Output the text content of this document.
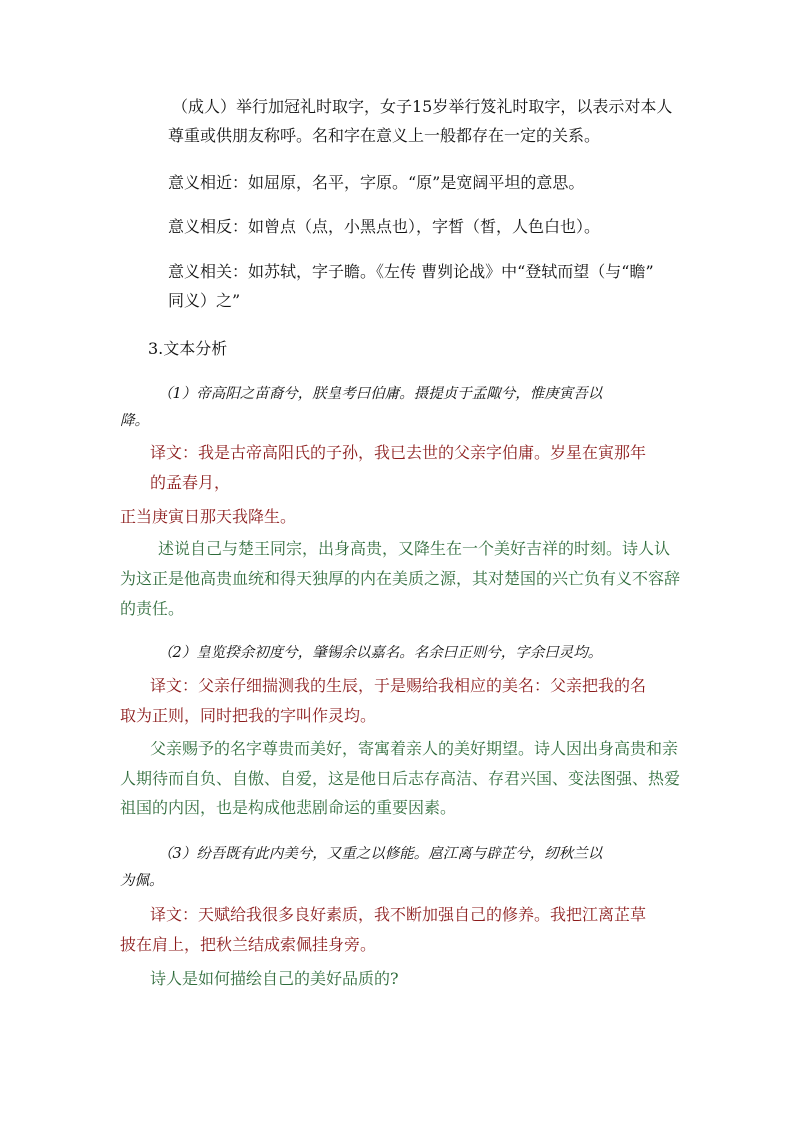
（成人）举行加冠礼时取字，女子15岁举行笈礼时取字，以表示对本人
尊重或供朋友称呼。名和字在意义上一般都存在一定的关系。
意义相近：如屈原，名平，字原。“原”是宽阔平坦的意思。
意义相反：如曾点（点，小黑点也），字皙（皙，人色白也）。
意义相关：如苏轼，字子瞻。《左传 曹刿论战》中“登轼而望（与“瞻”
同义）之”
3.文本分析
（1）帝高阳之苗裔兮，朕皇考曰伯庸。摄提贞于孟陬兮，惟庚寅吾以
降。
译文：我是古帝高阳氏的子孙，我已去世的父亲字伯庸。岁星在寅那年
的孟春月，
正当庚寅日那天我降生。
述说自己与楚王同宗，出身高贵，又降生在一个美好吉祥的时刻。诗人认
为这正是他高贵血统和得天独厚的内在美质之源，其对楚国的兴亡负有义不容辞
的责任。
（2）皇览揆余初度兮，肇锡余以嘉名。名余曰正则兮，字余曰灵均。
译文：父亲仔细揣测我的生辰，于是赐给我相应的美名：父亲把我的名
取为正则，同时把我的字叫作灵均。
父亲赐予的名字尊贵而美好，寄寓着亲人的美好期望。诗人因出身高贵和亲
人期待而自负、自傲、自爱，这是他日后志存高洁、存君兴国、变法图强、热爱
祖国的内因，也是构成他悲剧命运的重要因素。
（3）纷吾既有此内美兮，又重之以修能。扈江离与辟芷兮，纫秋兰以
为佩。
译文：天赋给我很多良好素质，我不断加强自己的修养。我把江离芷草
披在肩上，把秋兰结成索佩挂身旁。
诗人是如何描绘自己的美好品质的?
